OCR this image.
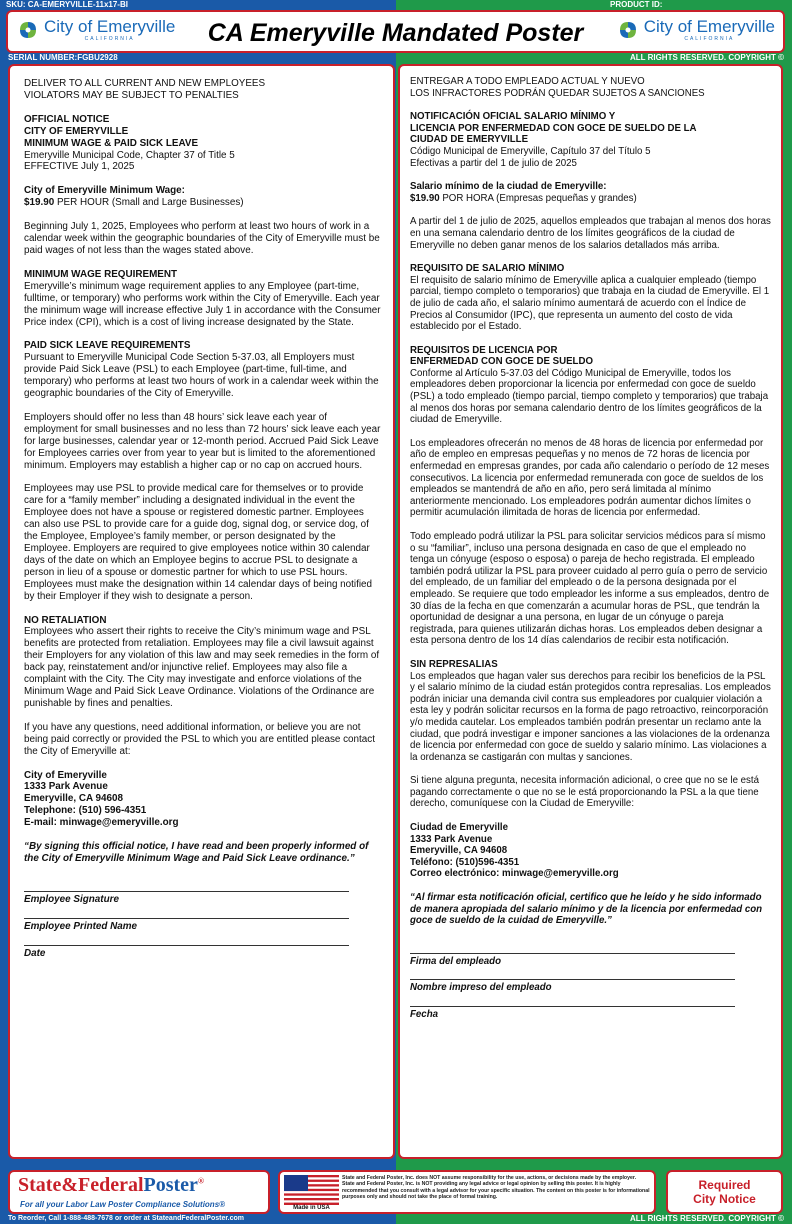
SKU: CA-EMERYVILLE-11x17-BI	PRODUCT ID:
City of Emeryville
CALIFORNIA	CA Emeryville Mandated Poster	City of Emeryville
CALIFORNIA
SERIAL NUMBER:FGBU2928	ALL RIGHTS RESERVED. COPYRIGHT ©
DELIVER TO ALL CURRENT AND NEW EMPLOYEES
VIOLATORS MAY BE SUBJECT TO PENALTIES
OFFICIAL NOTICE
CITY OF EMERYVILLE
MINIMUM WAGE & PAID SICK LEAVE
Emeryville Municipal Code, Chapter 37 of Title 5
EFFECTIVE July 1, 2025
City of Emeryville Minimum Wage:
$19.90 PER HOUR (Small and Large Businesses)
Beginning July 1, 2025, Employees who perform at least two hours of work in a calendar week within the geographic boundaries of the City of Emeryville must be paid wages of not less than the wages stated above.
MINIMUM WAGE REQUIREMENT
Emeryville’s minimum wage requirement applies to any Employee (part-time, fulltime, or temporary) who performs work within the City of Emeryville. Each year the minimum wage will increase effective July 1 in accordance with the Consumer Price index (CPI), which is a cost of living increase designated by the State.
PAID SICK LEAVE REQUIREMENTS
Pursuant to Emeryville Municipal Code Section 5-37.03, all Employers must provide Paid Sick Leave (PSL) to each Employee (part-time, full-time, and temporary) who performs at least two hours of work in a calendar week within the geographic boundaries of the City of Emeryville.
Employers should offer no less than 48 hours’ sick leave each year of employment for small businesses and no less than 72 hours’ sick leave each year for large businesses, calendar year or 12-month period. Accrued Paid Sick Leave for Employees carries over from year to year but is limited to the aforementioned minimum. Employers may establish a higher cap or no cap on accrued hours.
Employees may use PSL to provide medical care for themselves or to provide care for a “family member” including a designated individual in the event the Employee does not have a spouse or registered domestic partner. Employees can also use PSL to provide care for a guide dog, signal dog, or service dog, of the Employee, Employee’s family member, or person designated by the Employee. Employers are required to give employees notice within 30 calendar days of the date on which an Employee begins to accrue PSL to designate a person in lieu of a spouse or domestic partner for which to use PSL hours. Employees must make the designation within 14 calendar days of being notified by their Employer if they wish to designate a person.
NO RETALIATION
Employees who assert their rights to receive the City’s minimum wage and PSL benefits are protected from retaliation. Employees may file a civil lawsuit against their Employers for any violation of this law and may seek remedies in the form of back pay, reinstatement and/or injunctive relief. Employees may also file a complaint with the City. The City may investigate and enforce violations of the Minimum Wage and Paid Sick Leave Ordinance. Violations of the Ordinance are punishable by fines and penalties.
If you have any questions, need additional information, or believe you are not being paid correctly or provided the PSL to which you are entitled please contact the City of Emeryville at:
City of Emeryville
1333 Park Avenue
Emeryville, CA 94608
Telephone: (510) 596-4351
E-mail: minwage@emeryville.org
“By signing this official notice, I have read and been properly informed of the City of Emeryville Minimum Wage and Paid Sick Leave ordinance.”
Employee Signature
Employee Printed Name
Date
ENTREGAR A TODO EMPLEADO ACTUAL Y NUEVO
LOS INFRACTORES PODRÁN QUEDAR SUJETOS A SANCIONES
NOTIFICACIÓN OFICIAL SALARIO MÍNIMO Y
LICENCIA POR ENFERMEDAD CON GOCE DE SUELDO DE LA
CIUDAD DE EMERYVILLE
Código Municipal de Emeryville, Capítulo 37 del Título 5
Efectivas a partir del 1 de julio de 2025
Salario mínimo de la ciudad de Emeryville:
$19.90 POR HORA (Empresas pequeñas y grandes)
A partir del 1 de julio de 2025, aquellos empleados que trabajan al menos dos horas en una semana calendario dentro de los límites geográficos de la ciudad de Emeryville no deben ganar menos de los salarios detallados más arriba.
REQUISITO DE SALARIO MÍNIMO
El requisito de salario mínimo de Emeryville aplica a cualquier empleado (tiempo parcial, tiempo completo o temporarios) que trabaja en la ciudad de Emeryville. El 1 de julio de cada año, el salario mínimo aumentará de acuerdo con el Índice de Precios al Consumidor (IPC), que representa un aumento del costo de vida establecido por el Estado.
REQUISITOS DE LICENCIA POR
ENFERMEDAD CON GOCE DE SUELDO
Conforme al Artículo 5-37.03 del Código Municipal de Emeryville, todos los empleadores deben proporcionar la licencia por enfermedad con goce de sueldo (PSL) a todo empleado (tiempo parcial, tiempo completo y temporarios) que trabaja al menos dos horas por semana calendario dentro de los límites geográficos de la ciudad de Emeryville.
Los empleadores ofrecerán no menos de 48 horas de licencia por enfermedad por año de empleo en empresas pequeñas y no menos de 72 horas de licencia por enfermedad en empresas grandes, por cada año calendario o período de 12 meses consecutivos. La licencia por enfermedad remunerada con goce de sueldos de los empleados se mantendrá de año en año, pero será limitada al mínimo anteriormente mencionado. Los empleadores podrán aumentar dichos límites o permitir acumulación ilimitada de horas de licencia por enfermedad.
Todo empleado podrá utilizar la PSL para solicitar servicios médicos para sí mismo o su “familiar”, incluso una persona designada en caso de que el empleado no tenga un cónyuge (esposo o esposa) o pareja de hecho registrada. El empleado también podrá utilizar la PSL para proveer cuidado al perro guía o perro de servicio del empleado, de un familiar del empleado o de la persona designada por el empleado. Se requiere que todo empleador les informe a sus empleados, dentro de 30 días de la fecha en que comenzarán a acumular horas de PSL, que tendrán la oportunidad de designar a una persona, en lugar de un cónyuge o pareja registrada, para quienes utilizarán dichas horas. Los empleados deben designar a esta persona dentro de los 14 días calendarios de recibir esta notificación.
SIN REPRESALIAS
Los empleados que hagan valer sus derechos para recibir los beneficios de la PSL y el salario mínimo de la ciudad están protegidos contra represalias. Los empleados podrán iniciar una demanda civil contra sus empleadores por cualquier violación a esta ley y podrán solicitar recursos en la forma de pago retroactivo, reincorporación y/o medida cautelar. Los empleados también podrán presentar un reclamo ante la ciudad, que podrá investigar e imponer sanciones a las violaciones de la ordenanza de licencia por enfermedad con goce de sueldo y salario mínimo. Las violaciones a la ordenanza se castigarán con multas y sanciones.
Si tiene alguna pregunta, necesita información adicional, o cree que no se le está pagando correctamente o que no se le está proporcionando la PSL a la que tiene derecho, comuníquese con la Ciudad de Emeryville:
Ciudad de Emeryville
1333 Park Avenue
Emeryville, CA 94608
Teléfono: (510)596-4351
Correo electrónico: minwage@emeryville.org
“Al firmar esta notificación oficial, certifico que he leído y he sido informado de manera apropiada del salario mínimo y de la licencia por enfermedad con goce de sueldo de la cuidad de Emeryville.”
Firma del empleado
Nombre impreso del empleado
Fecha
State&FederalPoster®
For all your Labor Law Poster Compliance Solutions®	Made in USA
State and Federal Poster, Inc. does NOT assume responsibility for the use, actions, or decisions made by the employer. State and Federal Poster, Inc. is NOT providing any legal advice or legal opinion by selling this poster. It is highly recommended that you consult with a legal advisor for your specific situation. The content on this poster is for informational purposes only and should not take the place of formal training.
Required
City Notice
To Reorder, Call 1-888-488-7678 or order at StateandFederalPoster.com	ALL RIGHTS RESERVED. COPYRIGHT ©
